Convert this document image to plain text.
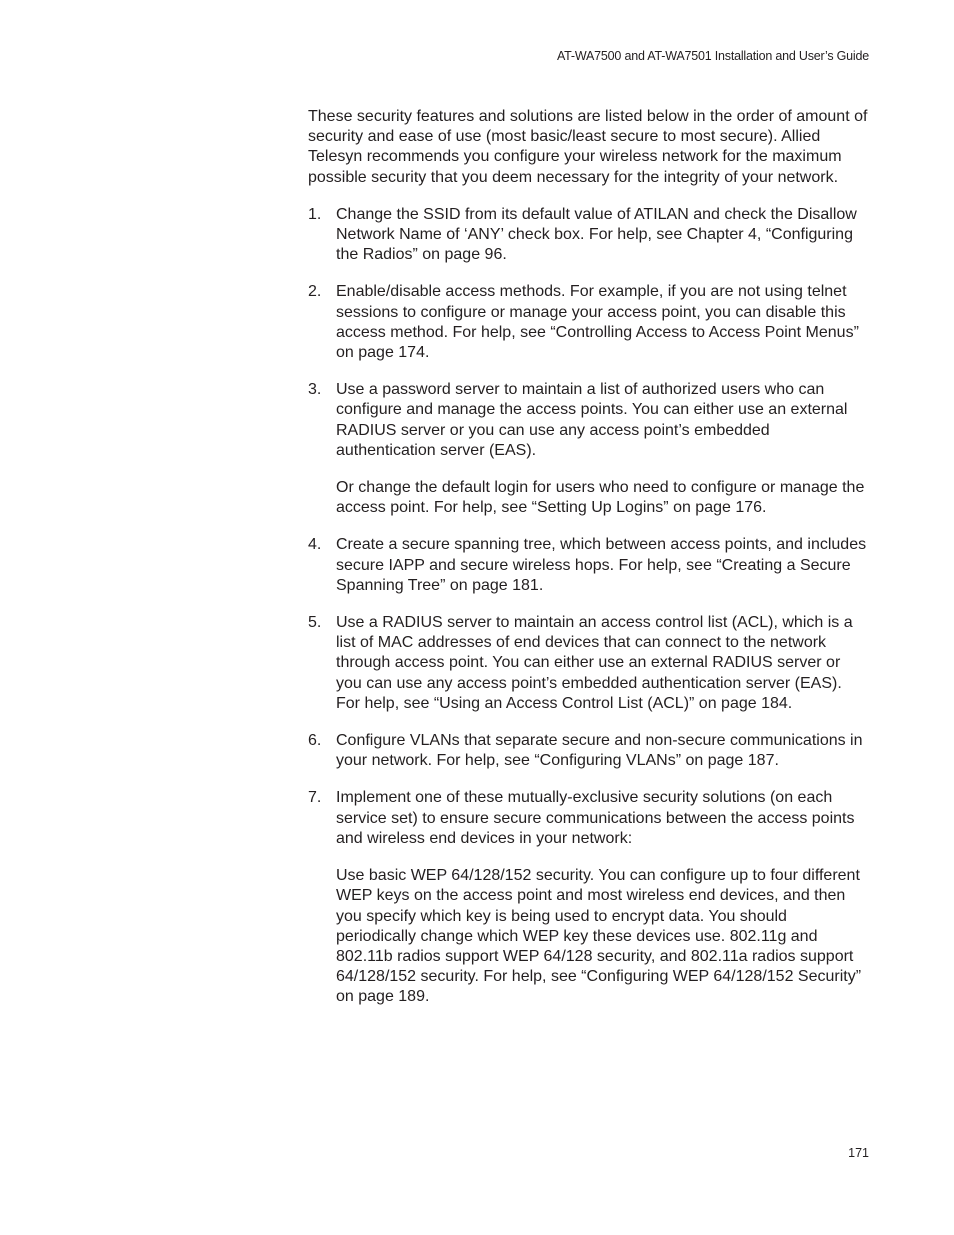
AT-WA7500 and AT-WA7501 Installation and User’s Guide

These security features and solutions are listed below in the order of amount of security and ease of use (most basic/least secure to most secure). Allied Telesyn recommends you configure your wireless network for the maximum possible security that you deem necessary for the integrity of your network.

1. Change the SSID from its default value of ATILAN and check the Disallow Network Name of ‘ANY’ check box. For help, see Chapter 4, “Configuring the Radios” on page 96.

2. Enable/disable access methods. For example, if you are not using telnet sessions to configure or manage your access point, you can disable this access method. For help, see “Controlling Access to Access Point Menus” on page 174.

3. Use a password server to maintain a list of authorized users who can configure and manage the access points. You can either use an external RADIUS server or you can use any access point’s embedded authentication server (EAS).

Or change the default login for users who need to configure or manage the access point. For help, see “Setting Up Logins” on page 176.

4. Create a secure spanning tree, which between access points, and includes secure IAPP and secure wireless hops. For help, see “Creating a Secure Spanning Tree” on page 181.

5. Use a RADIUS server to maintain an access control list (ACL), which is a list of MAC addresses of end devices that can connect to the network through access point. You can either use an external RADIUS server or you can use any access point’s embedded authentication server (EAS). For help, see “Using an Access Control List (ACL)” on page 184.

6. Configure VLANs that separate secure and non-secure communications in your network. For help, see “Configuring VLANs” on page 187.

7. Implement one of these mutually-exclusive security solutions (on each service set) to ensure secure communications between the access points and wireless end devices in your network:

Use basic WEP 64/128/152 security. You can configure up to four different WEP keys on the access point and most wireless end devices, and then you specify which key is being used to encrypt data. You should periodically change which WEP key these devices use. 802.11g and 802.11b radios support WEP 64/128 security, and 802.11a radios support 64/128/152 security. For help, see “Configuring WEP 64/128/152 Security” on page 189.

171
